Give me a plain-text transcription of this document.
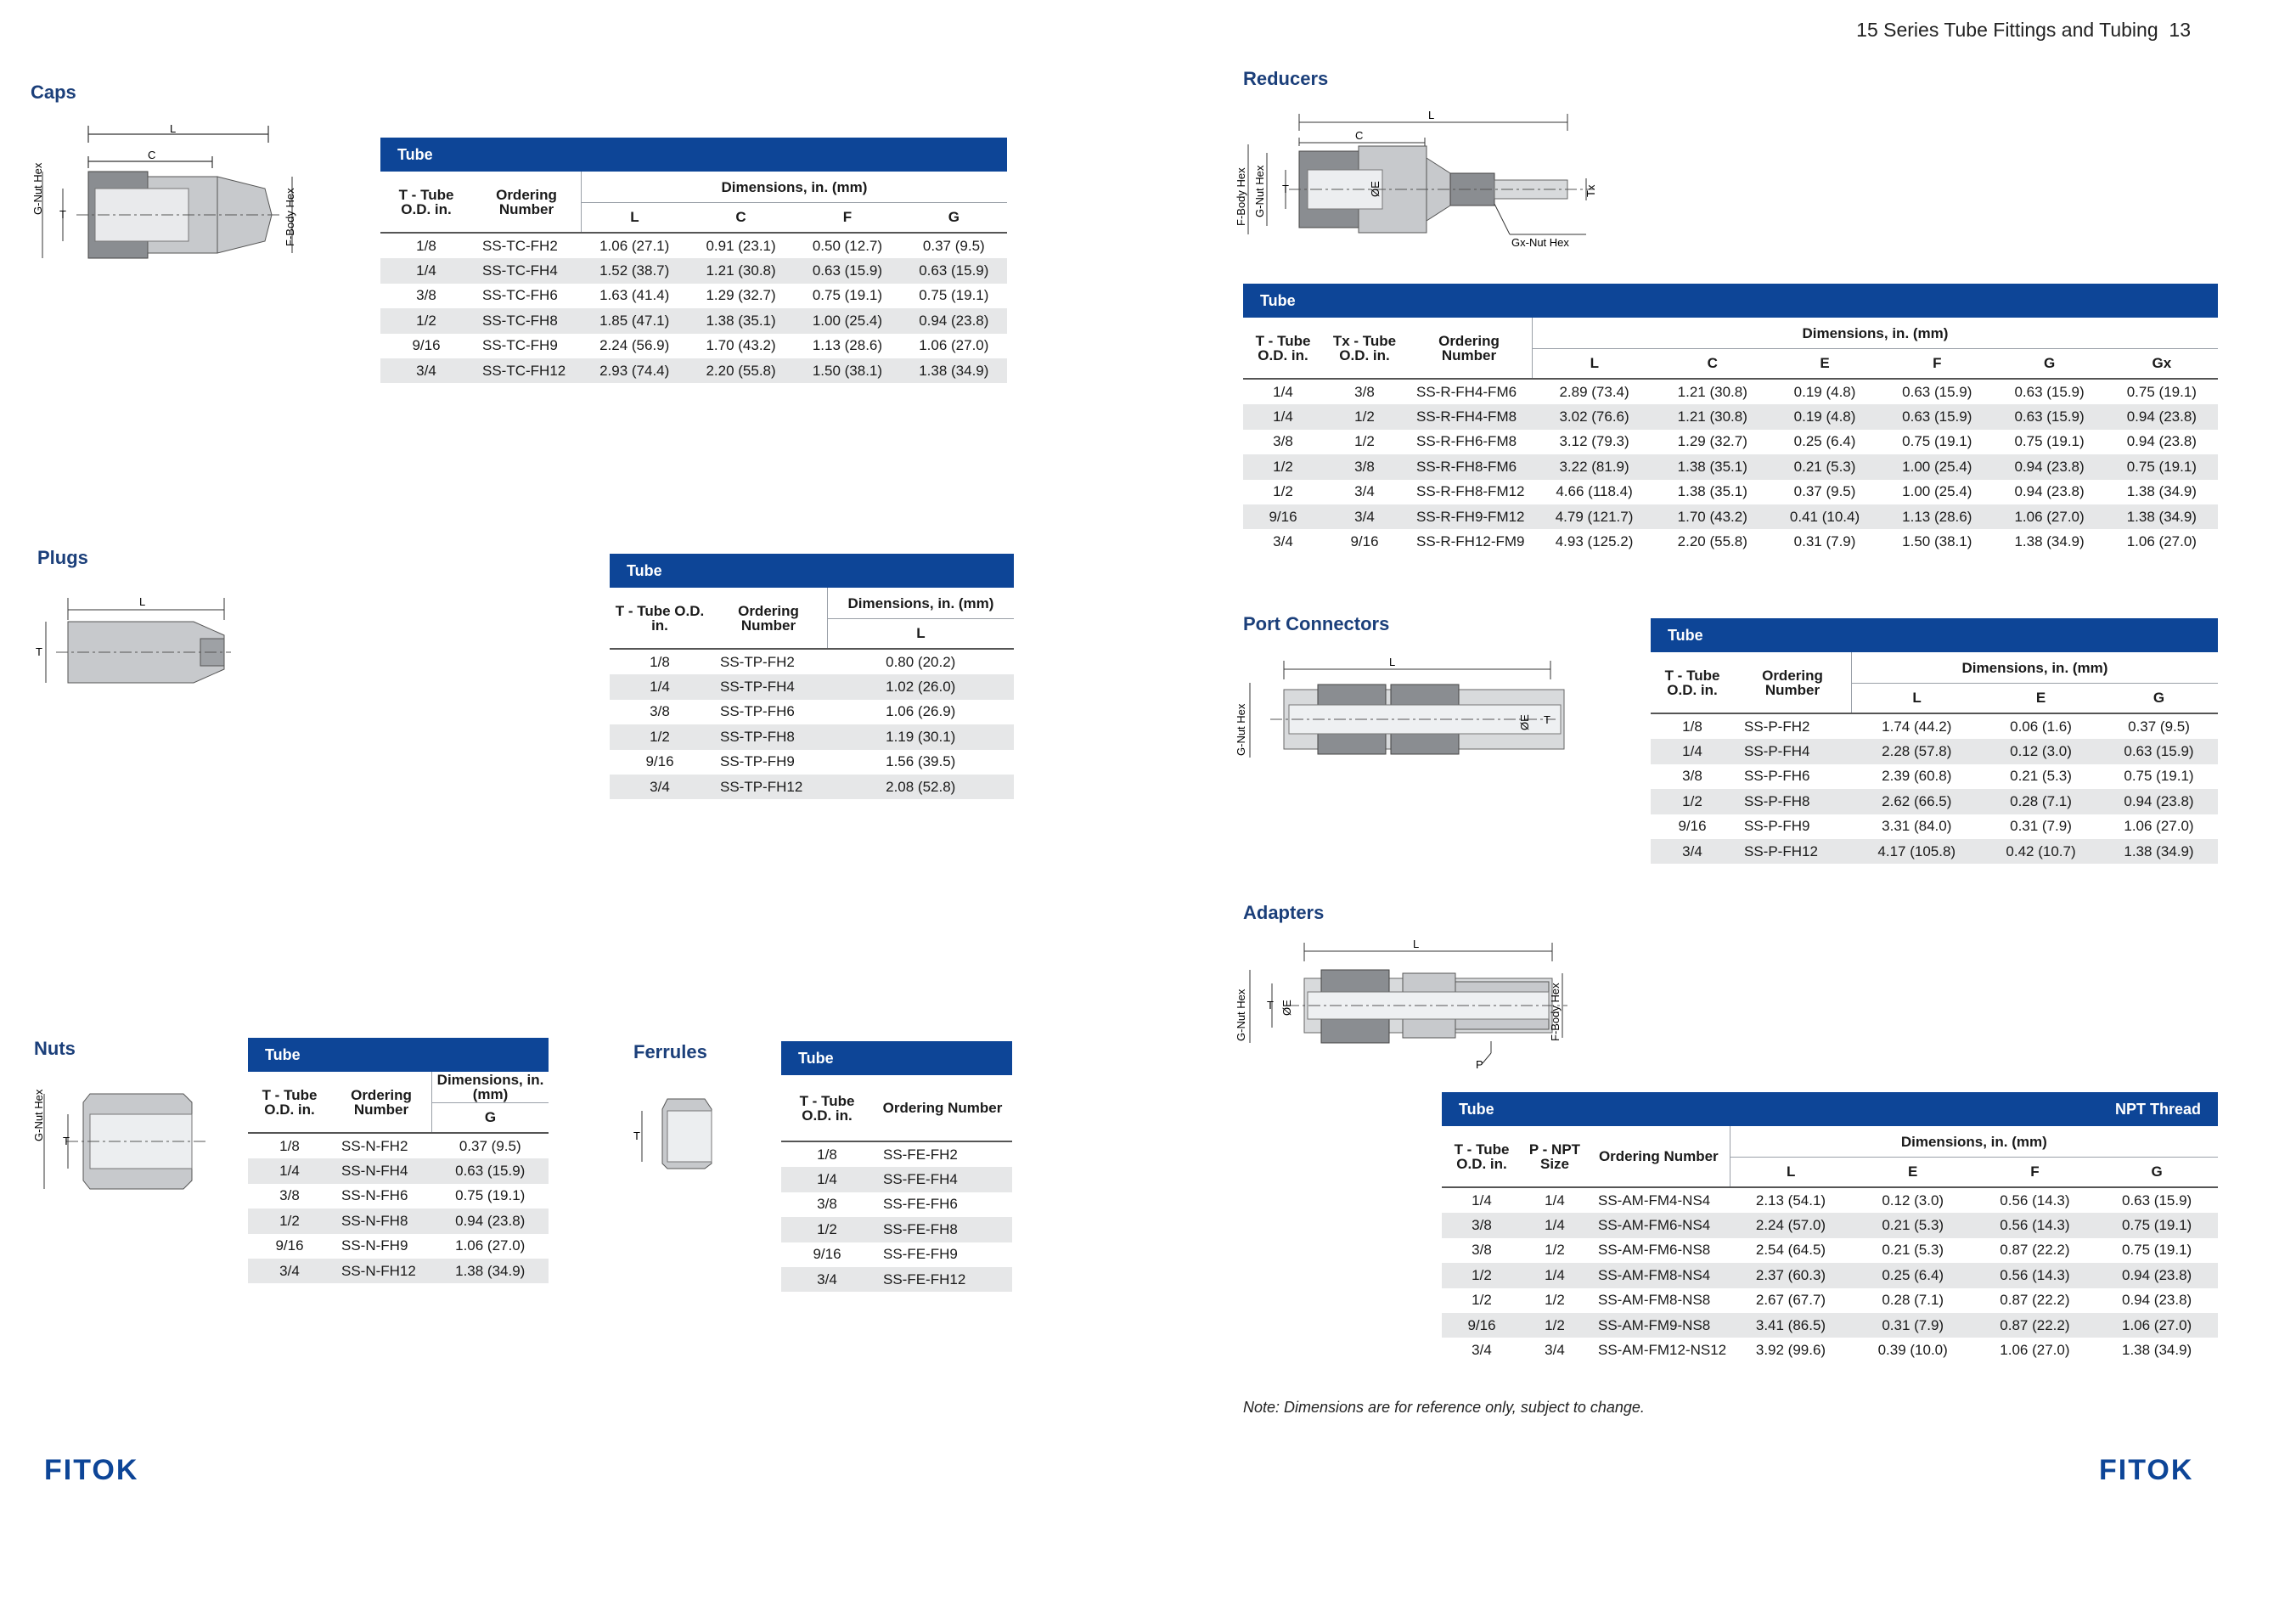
15 Series Tube Fittings and Tubing 13
FITOK	FITOK
Note: Dimensions are for reference only, subject to change.
Caps
L
C
G-Nut Hex T	F-Body Hex
Tube					
T - Tube O.D. in.	Ordering Number	Dimensions, in. (mm)			
		L	C	F	G
1/8	SS-TC-FH2	1.06 (27.1)	0.91 (23.1)	0.50 (12.7)	0.37 (9.5)
1/4	SS-TC-FH4	1.52 (38.7)	1.21 (30.8)	0.63 (15.9)	0.63 (15.9)
3/8	SS-TC-FH6	1.63 (41.4)	1.29 (32.7)	0.75 (19.1)	0.75 (19.1)
1/2	SS-TC-FH8	1.85 (47.1)	1.38 (35.1)	1.00 (25.4)	0.94 (23.8)
9/16	SS-TC-FH9	2.24 (56.9)	1.70 (43.2)	1.13 (28.6)	1.06 (27.0)
3/4	SS-TC-FH12	2.93 (74.4)	2.20 (55.8)	1.50 (38.1)	1.38 (34.9)
Plugs
L
T
Tube		
T - Tube O.D. in.	Ordering Number	Dimensions, in. (mm)
		L
1/8	SS-TP-FH2	0.80 (20.2)
1/4	SS-TP-FH4	1.02 (26.0)
3/8	SS-TP-FH6	1.06 (26.9)
1/2	SS-TP-FH8	1.19 (30.1)
9/16	SS-TP-FH9	1.56 (39.5)
3/4	SS-TP-FH12	2.08 (52.8)
Nuts
G-Nut Hex T
Tube		
T - Tube O.D. in.	Ordering Number	Dimensions, in. (mm)
		G
1/8	SS-N-FH2	0.37 (9.5)
1/4	SS-N-FH4	0.63 (15.9)
3/8	SS-N-FH6	0.75 (19.1)
1/2	SS-N-FH8	0.94 (23.8)
9/16	SS-N-FH9	1.06 (27.0)
3/4	SS-N-FH12	1.38 (34.9)
Ferrules
T
Tube	
T - Tube O.D. in.	Ordering Number
1/8	SS-FE-FH2
1/4	SS-FE-FH4
3/8	SS-FE-FH6
1/2	SS-FE-FH8
9/16	SS-FE-FH9
3/4	SS-FE-FH12
Reducers
L
C
F-Body Hex G-Nut Hex T	ØE	Tx
Gx-Nut Hex
Tube								
T - Tube O.D. in.	Tx - Tube O.D. in.	Ordering Number	Dimensions, in. (mm)					
			L	C	E	F	G	Gx
1/4	3/8	SS-R-FH4-FM6	2.89 (73.4)	1.21 (30.8)	0.19 (4.8)	0.63 (15.9)	0.63 (15.9)	0.75 (19.1)
1/4	1/2	SS-R-FH4-FM8	3.02 (76.6)	1.21 (30.8)	0.19 (4.8)	0.63 (15.9)	0.63 (15.9)	0.94 (23.8)
3/8	1/2	SS-R-FH6-FM8	3.12 (79.3)	1.29 (32.7)	0.25 (6.4)	0.75 (19.1)	0.75 (19.1)	0.94 (23.8)
1/2	3/8	SS-R-FH8-FM6	3.22 (81.9)	1.38 (35.1)	0.21 (5.3)	1.00 (25.4)	0.94 (23.8)	0.75 (19.1)
1/2	3/4	SS-R-FH8-FM12	4.66 (118.4)	1.38 (35.1)	0.37 (9.5)	1.00 (25.4)	0.94 (23.8)	1.38 (34.9)
9/16	3/4	SS-R-FH9-FM12	4.79 (121.7)	1.70 (43.2)	0.41 (10.4)	1.13 (28.6)	1.06 (27.0)	1.38 (34.9)
3/4	9/16	SS-R-FH12-FM9	4.93 (125.2)	2.20 (55.8)	0.31 (7.9)	1.50 (38.1)	1.38 (34.9)	1.06 (27.0)
Port Connectors
L
G-Nut Hex	ØE T
Tube				
T - Tube O.D. in.	Ordering Number	Dimensions, in. (mm)		
		L	E	G
1/8	SS-P-FH2	1.74 (44.2)	0.06 (1.6)	0.37 (9.5)
1/4	SS-P-FH4	2.28 (57.8)	0.12 (3.0)	0.63 (15.9)
3/8	SS-P-FH6	2.39 (60.8)	0.21 (5.3)	0.75 (19.1)
1/2	SS-P-FH8	2.62 (66.5)	0.28 (7.1)	0.94 (23.8)
9/16	SS-P-FH9	3.31 (84.0)	0.31 (7.9)	1.06 (27.0)
3/4	SS-P-FH12	4.17 (105.8)	0.42 (10.7)	1.38 (34.9)
Adapters
L
G-Nut Hex T ØE	F-Body Hex
P
Tube				NPT Thread		
T - Tube O.D. in.	P - NPT Size	Ordering Number	Dimensions, in. (mm)			
			L	E	F	G
1/4	1/4	SS-AM-FM4-NS4	2.13 (54.1)	0.12 (3.0)	0.56 (14.3)	0.63 (15.9)
3/8	1/4	SS-AM-FM6-NS4	2.24 (57.0)	0.21 (5.3)	0.56 (14.3)	0.75 (19.1)
3/8	1/2	SS-AM-FM6-NS8	2.54 (64.5)	0.21 (5.3)	0.87 (22.2)	0.75 (19.1)
1/2	1/4	SS-AM-FM8-NS4	2.37 (60.3)	0.25 (6.4)	0.56 (14.3)	0.94 (23.8)
1/2	1/2	SS-AM-FM8-NS8	2.67 (67.7)	0.28 (7.1)	0.87 (22.2)	0.94 (23.8)
9/16	1/2	SS-AM-FM9-NS8	3.41 (86.5)	0.31 (7.9)	0.87 (22.2)	1.06 (27.0)
3/4	3/4	SS-AM-FM12-NS12	3.92 (99.6)	0.39 (10.0)	1.06 (27.0)	1.38 (34.9)
